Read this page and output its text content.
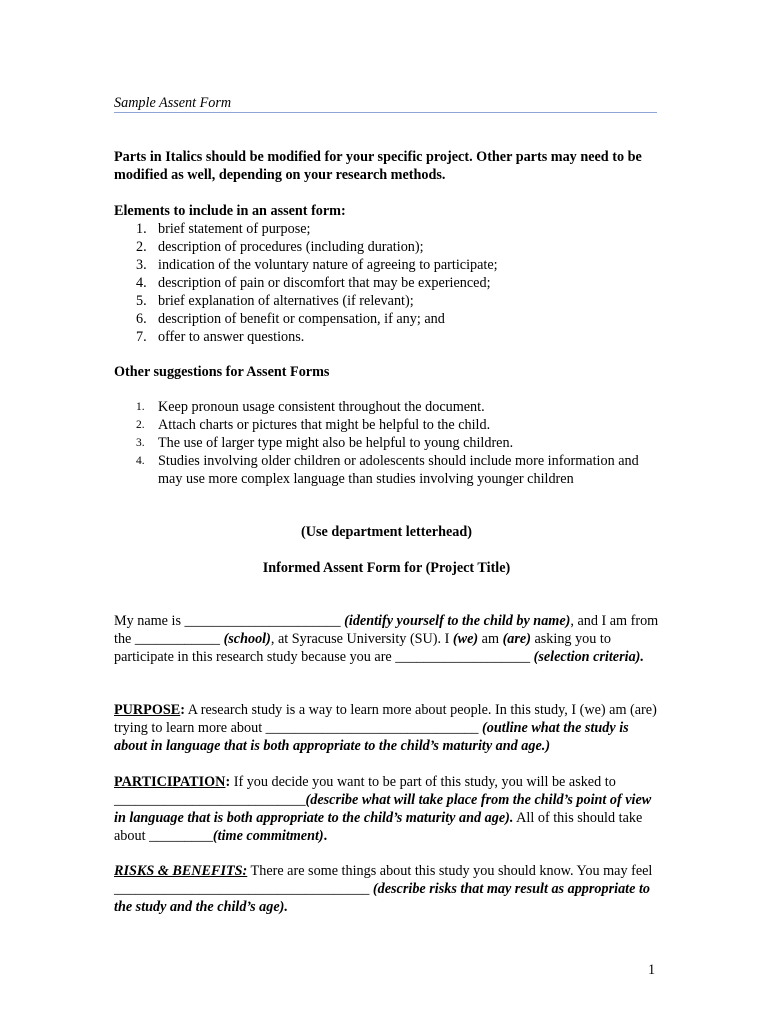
Sample Assent Form
Parts in Italics should be modified for your specific project. Other parts may need to be modified as well, depending on your research methods.
Elements to include in an assent form:
1. brief statement of purpose;
2. description of procedures (including duration);
3. indication of the voluntary nature of agreeing to participate;
4. description of pain or discomfort that may be experienced;
5. brief explanation of alternatives (if relevant);
6. description of benefit or compensation, if any; and
7. offer to answer questions.
Other suggestions for Assent Forms
1. Keep pronoun usage consistent throughout the document.
2. Attach charts or pictures that might be helpful to the child.
3. The use of larger type might also be helpful to young children.
4. Studies involving older children or adolescents should include more information and may use more complex language than studies involving younger children
(Use department letterhead)
Informed Assent Form for (Project Title)

My name is ______________________ (identify yourself to the child by name), and I am from the ____________ (school), at Syracuse University (SU). I (we) am (are) asking you to participate in this research study because you are ___________________ (selection criteria).

PURPOSE: A research study is a way to learn more about people. In this study, I (we) am (are) trying to learn more about ______________________________ (outline what the study is about in language that is both appropriate to the child’s maturity and age.)

PARTICIPATION: If you decide you want to be part of this study, you will be asked to ___________________________(describe what will take place from the child’s point of view in language that is both appropriate to the child’s maturity and age). All of this should take about _________(time commitment).

RISKS & BENEFITS: There are some things about this study you should know. You may feel ____________________________________ (describe risks that may result as appropriate to the study and the child’s age).

1
